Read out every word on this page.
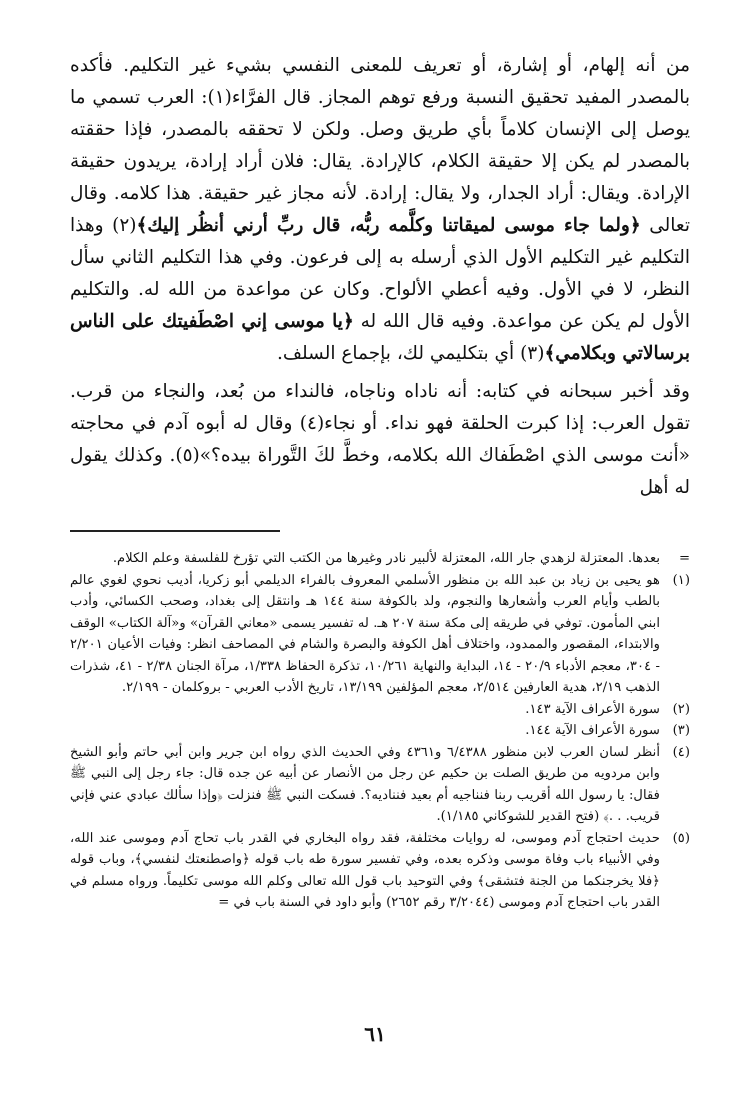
من أنه إلهام، أو إشارة، أو تعريف للمعنى النفسي بشيء غير التكليم. فأكده بالمصدر المفيد تحقيق النسبة ورفع توهم المجاز. قال الفرَّاء(١): العرب تسمي ما يوصل إلى الإنسان كلاماً بأي طريق وصل. ولكن لا تحققه بالمصدر، فإذا حققته بالمصدر لم يكن إلا حقيقة الكلام، كالإرادة. يقال: فلان أراد إرادة، يريدون حقيقة الإرادة. ويقال: أراد الجدار، ولا يقال: إرادة. لأنه مجاز غير حقيقة. هذا كلامه. وقال تعالى ﴿ولما جاء موسى لميقاتنا وكلَّمه ربُّه، قال ربِّ أرني أنظُر إليك﴾(٢) وهذا التكليم غير التكليم الأول الذي أرسله به إلى فرعون. وفي هذا التكليم الثاني سأل النظر، لا في الأول. وفيه أعطي الألواح. وكان عن مواعدة من الله له. والتكليم الأول لم يكن عن مواعدة. وفيه قال الله له ﴿يا موسى إني اصْطَفيتك على الناس برسالاتي وبكلامي﴾(٣) أي بتكليمي لك، بإجماع السلف.

وقد أخبر سبحانه في كتابه: أنه ناداه وناجاه، فالنداء من بُعد، والنجاء من قرب. تقول العرب: إذا كبرت الحلقة فهو نداء. أو نجاء(٤) وقال له أبوه آدم في محاجته «أنت موسى الذي اصْطَفاك الله بكلامه، وخطَّ لكَ التَّوراة بيده؟»(٥). وكذلك يقول له أهل

=
بعدها. المعتزلة لزهدي جار الله، المعتزلة لألبير نادر وغيرها من الكتب التي تؤرخ للفلسفة وعلم الكلام.
(١)
هو يحيى بن زياد بن عبد الله بن منظور الأسلمي المعروف بالفراء الديلمي أبو زكريا، أديب نحوي لغوي عالم بالطب وأيام العرب وأشعارها والنجوم، ولد بالكوفة سنة ١٤٤ هـ وانتقل إلى بغداد، وصحب الكسائي، وأدب ابني المأمون. توفي في طريقه إلى مكة سنة ٢٠٧ هـ. له تفسير يسمى «معاني القرآن» و«آلة الكتاب» الوقف والابتداء، المقصور والممدود، واختلاف أهل الكوفة والبصرة والشام في المصاحف انظر: وفيات الأعيان ٢/٢٠١ - ٣٠٤، معجم الأدباء ٢٠/٩ - ١٤، البداية والنهاية ١٠/٢٦١، تذكرة الحفاظ ١/٣٣٨، مرآة الجنان ٢/٣٨ - ٤١، شذرات الذهب ٢/١٩، هدية العارفين ٢/٥١٤، معجم المؤلفين ١٣/١٩٩، تاريخ الأدب العربي - بروكلمان - ٢/١٩٩.
(٢)
سورة الأعراف الآية ١٤٣.
(٣)
سورة الأعراف الآية ١٤٤.
(٤)
أنظر لسان العرب لابن منظور ٦/٤٣٨٨ و٤٣٦١ وفي الحديث الذي رواه ابن جرير وابن أبي حاتم وأبو الشيخ وابن مردويه من طريق الصلت بن حكيم عن رجل من الأنصار عن أبيه عن جده قال: جاء رجل إلى النبي ﷺ فقال: يا رسول الله أقريب ربنا فنناجيه أم بعيد فنناديه؟. فسكت النبي ﷺ فنزلت ﴿وإذا سألك عبادي عني فإني قريب. . .﴾ (فتح القدير للشوكاني ١/١٨٥).
(٥)
حديث احتجاج آدم وموسى، له روايات مختلفة، فقد رواه البخاري في القدر باب تحاج آدم وموسى عند الله، وفي الأنبياء باب وفاة موسى وذكره بعده، وفي تفسير سورة طه باب قوله ﴿واصطنعتك لنفسي﴾، وباب قوله ﴿فلا يخرجنكما من الجنة فتشقى﴾ وفي التوحيد باب قول الله تعالى وكلم الله موسى تكليماً. ورواه مسلم في القدر باب احتجاج آدم وموسى (٣/٢٠٤٤ رقم ٢٦٥٢) وأبو داود في السنة باب في =
٦١
